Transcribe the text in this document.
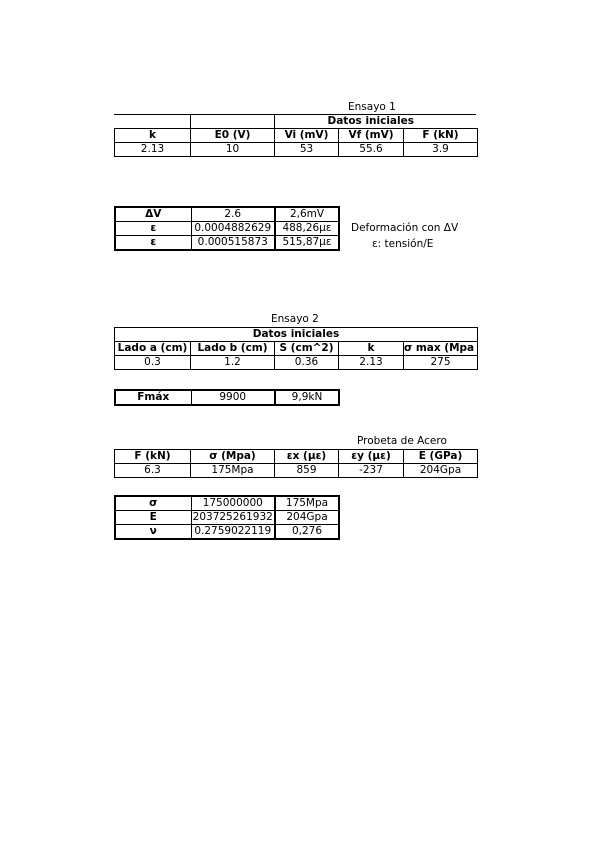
Ensayo 1
			Datos iniciales	
k	E0 (V)	Vi (mV)	Vf (mV)	F (kN)
2.13	10	53	55.6	3.9
ΔV	2.6	2,6mV
ε	0.0004882629	488,26με
ε	0.000515873	515,87με
Deformación con ΔV
ε: tensión/E
Ensayo 2
Datos iniciales				
Lado a (cm)	Lado b (cm)	S (cm^2)	k	σ max (Mpa
0.3	1.2	0.36	2.13	275
Fmáx	9900	9,9kN
Probeta de Acero
F (kN)	σ (Mpa)	εx (με)	εy (με)	E (GPa)
6.3	175Mpa	859	-237	204Gpa
σ	175000000	175Mpa
E	203725261932	204Gpa
ν	0.2759022119	0,276
